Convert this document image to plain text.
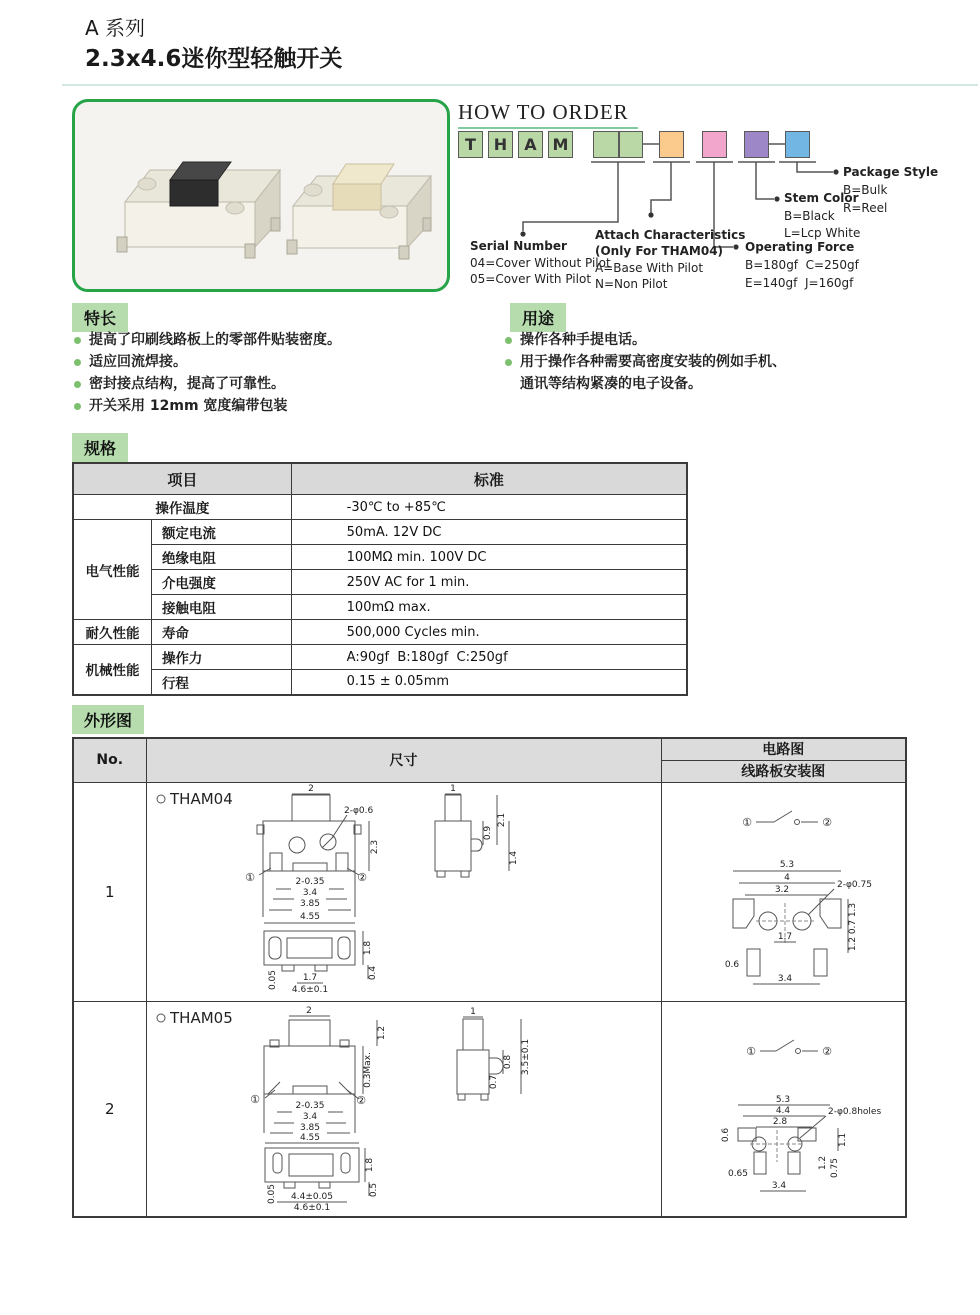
A 系列
2.3x4.6迷你型轻触开关
HOW TO ORDER
T	H	A M
Serial Number
04=Cover Without Pilot
05=Cover With Pilot
Attach Characteristics
(Only For THAM04)
A=Base With Pilot
N=Non Pilot
Operating Force
B=180gf  C=250gf
E=140gf  J=160gf
Stem Color
B=Black
L=Lcp White
Package Style
B=Bulk
R=Reel
特长
提高了印刷线路板上的零部件贴装密度。
适应回流焊接。
密封接点结构，提高了可靠性。
开关采用 12mm 宽度编带包装
用途
操作各种手提电话。
用于操作各种需要高密度安装的例如手机、
通讯等结构紧凑的电子设备。
规格
项目		标准
操作温度		-30℃ to +85℃
电气性能	额定电流	50mA. 12V DC
	绝缘电阻	100MΩ min. 100V DC
	介电强度	250V AC for 1 min.
	接触电阻	100mΩ max.
耐久性能	寿命	500,000 Cycles min.
机械性能	操作力	A:90gf  B:180gf  C:250gf
	行程	0.15 ± 0.05mm
外形图
No.	尺寸	电路图
		线路板安装图
1	
THAM04
2
2-φ0.6
2.3
①	②
2-0.35
3.4
3.85
1
0.9
2.1
1.4
4.55
1.8
0.05	1.7	0.4
4.6±0.1

①	②
5.3
4
3.2	2-φ0.75
1.3
0.7
1.2
1.7
0.6
3.4

2	
THAM05	2
1.2
0.3Max.
①	②
2-0.35
3.4
3.85
1
0.8
0.7
3.5±0.1
4.55
1.8
0.5
0.05 4.4±0.05
4.6±0.1

①	②
5.3
4.4
2.8
2-φ0.8holes
0.6	1.1
1.2 0.75
0.65
3.4
